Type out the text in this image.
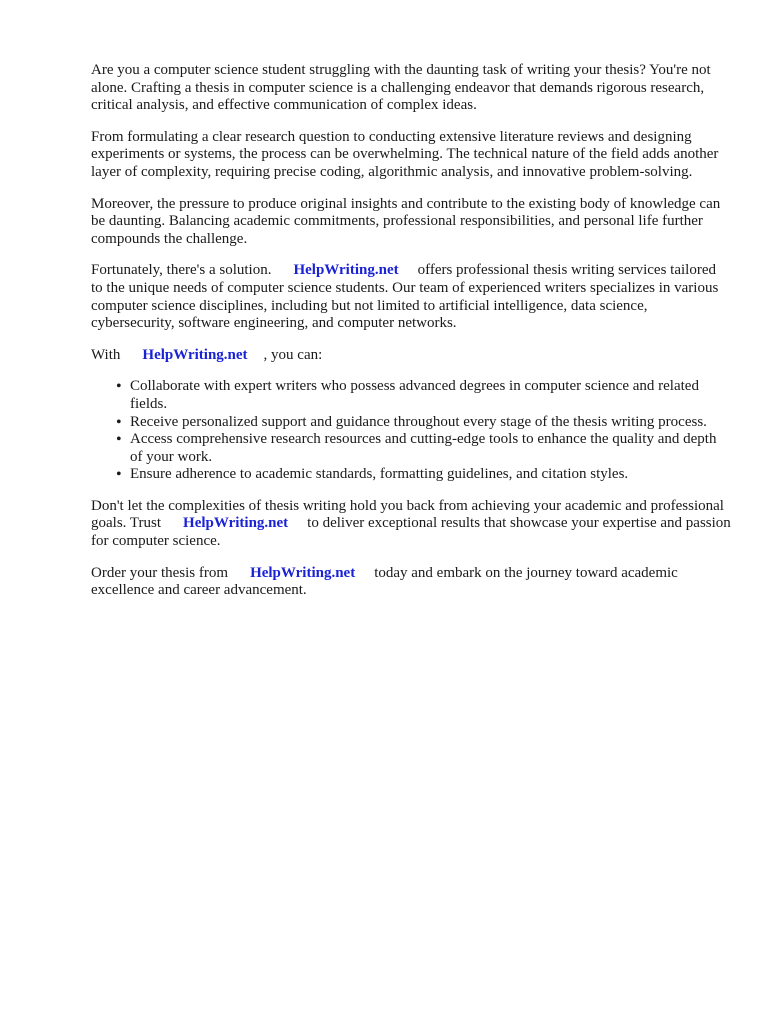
Are you a computer science student struggling with the daunting task of writing your thesis? You're not alone. Crafting a thesis in computer science is a challenging endeavor that demands rigorous research, critical analysis, and effective communication of complex ideas.

From formulating a clear research question to conducting extensive literature reviews and designing experiments or systems, the process can be overwhelming. The technical nature of the field adds another layer of complexity, requiring precise coding, algorithmic analysis, and innovative problem-solving.

Moreover, the pressure to produce original insights and contribute to the existing body of knowledge can be daunting. Balancing academic commitments, professional responsibilities, and personal life further compounds the challenge.

Fortunately, there's a solution. HelpWriting.net offers professional thesis writing services tailored to the unique needs of computer science students. Our team of experienced writers specializes in various computer science disciplines, including but not limited to artificial intelligence, data science, cybersecurity, software engineering, and computer networks.

With HelpWriting.net , you can:

• Collaborate with expert writers who possess advanced degrees in computer science and related fields.
• Receive personalized support and guidance throughout every stage of the thesis writing process.
• Access comprehensive research resources and cutting-edge tools to enhance the quality and depth of your work.
• Ensure adherence to academic standards, formatting guidelines, and citation styles.

Don't let the complexities of thesis writing hold you back from achieving your academic and professional goals. Trust HelpWriting.net to deliver exceptional results that showcase your expertise and passion for computer science.

Order your thesis from HelpWriting.net today and embark on the journey toward academic excellence and career advancement.
